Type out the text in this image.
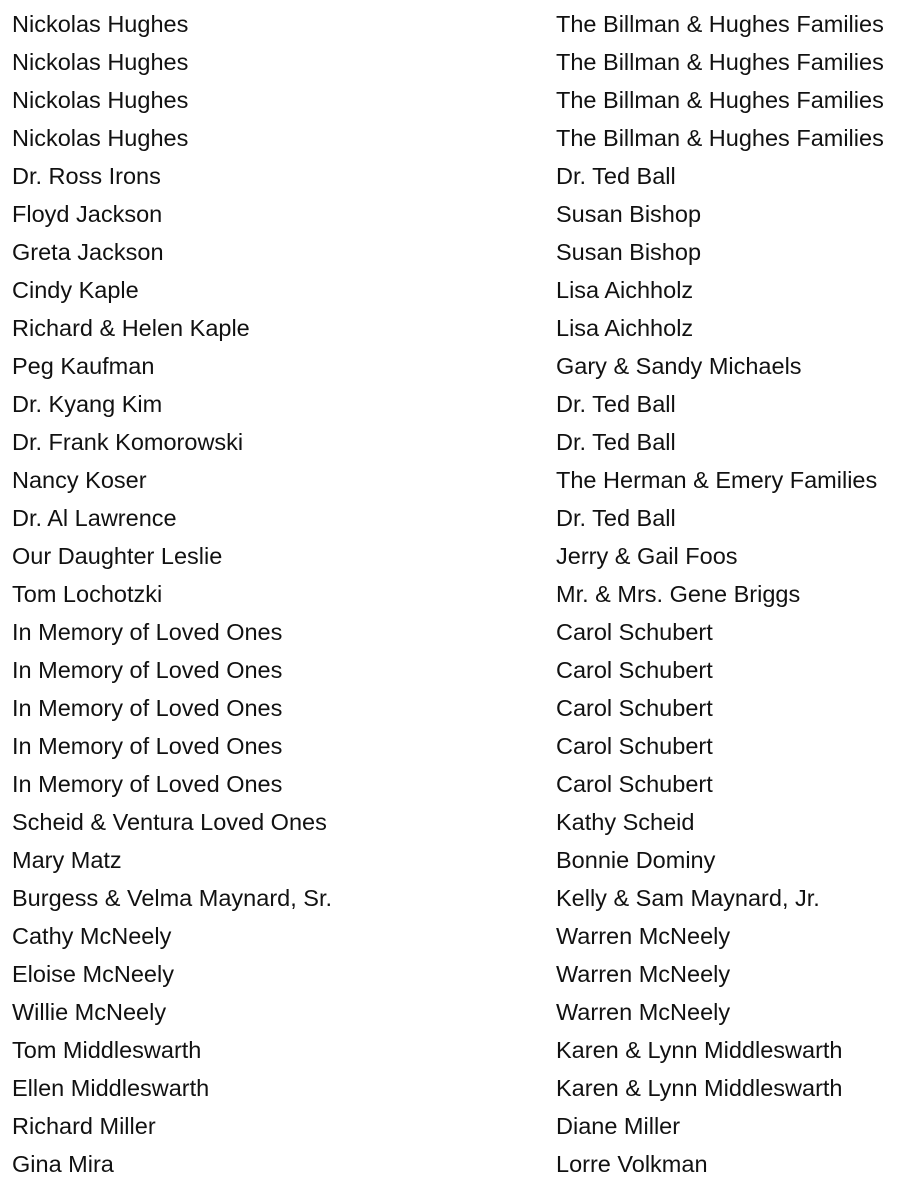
Nickolas Hughes	The Billman & Hughes Families
Nickolas Hughes	The Billman & Hughes Families
Nickolas Hughes	The Billman & Hughes Families
Nickolas Hughes	The Billman & Hughes Families
Dr. Ross Irons	Dr. Ted Ball
Floyd Jackson	Susan Bishop
Greta Jackson	Susan Bishop
Cindy Kaple	Lisa Aichholz
Richard & Helen Kaple	Lisa Aichholz
Peg Kaufman	Gary & Sandy Michaels
Dr. Kyang Kim	Dr. Ted Ball
Dr. Frank Komorowski	Dr. Ted Ball
Nancy Koser	The Herman & Emery Families
Dr. Al Lawrence	Dr. Ted Ball
Our Daughter Leslie	Jerry & Gail Foos
Tom Lochotzki	Mr. & Mrs. Gene Briggs
In Memory of Loved Ones	Carol Schubert
In Memory of Loved Ones	Carol Schubert
In Memory of Loved Ones	Carol Schubert
In Memory of Loved Ones	Carol Schubert
In Memory of Loved Ones	Carol Schubert
Scheid & Ventura Loved Ones	Kathy Scheid
Mary Matz	Bonnie Dominy
Burgess & Velma Maynard, Sr.	Kelly & Sam Maynard, Jr.
Cathy McNeely	Warren McNeely
Eloise McNeely	Warren McNeely
Willie McNeely	Warren McNeely
Tom Middleswarth	Karen & Lynn Middleswarth
Ellen Middleswarth	Karen & Lynn Middleswarth
Richard Miller	Diane Miller
Gina Mira	Lorre Volkman
